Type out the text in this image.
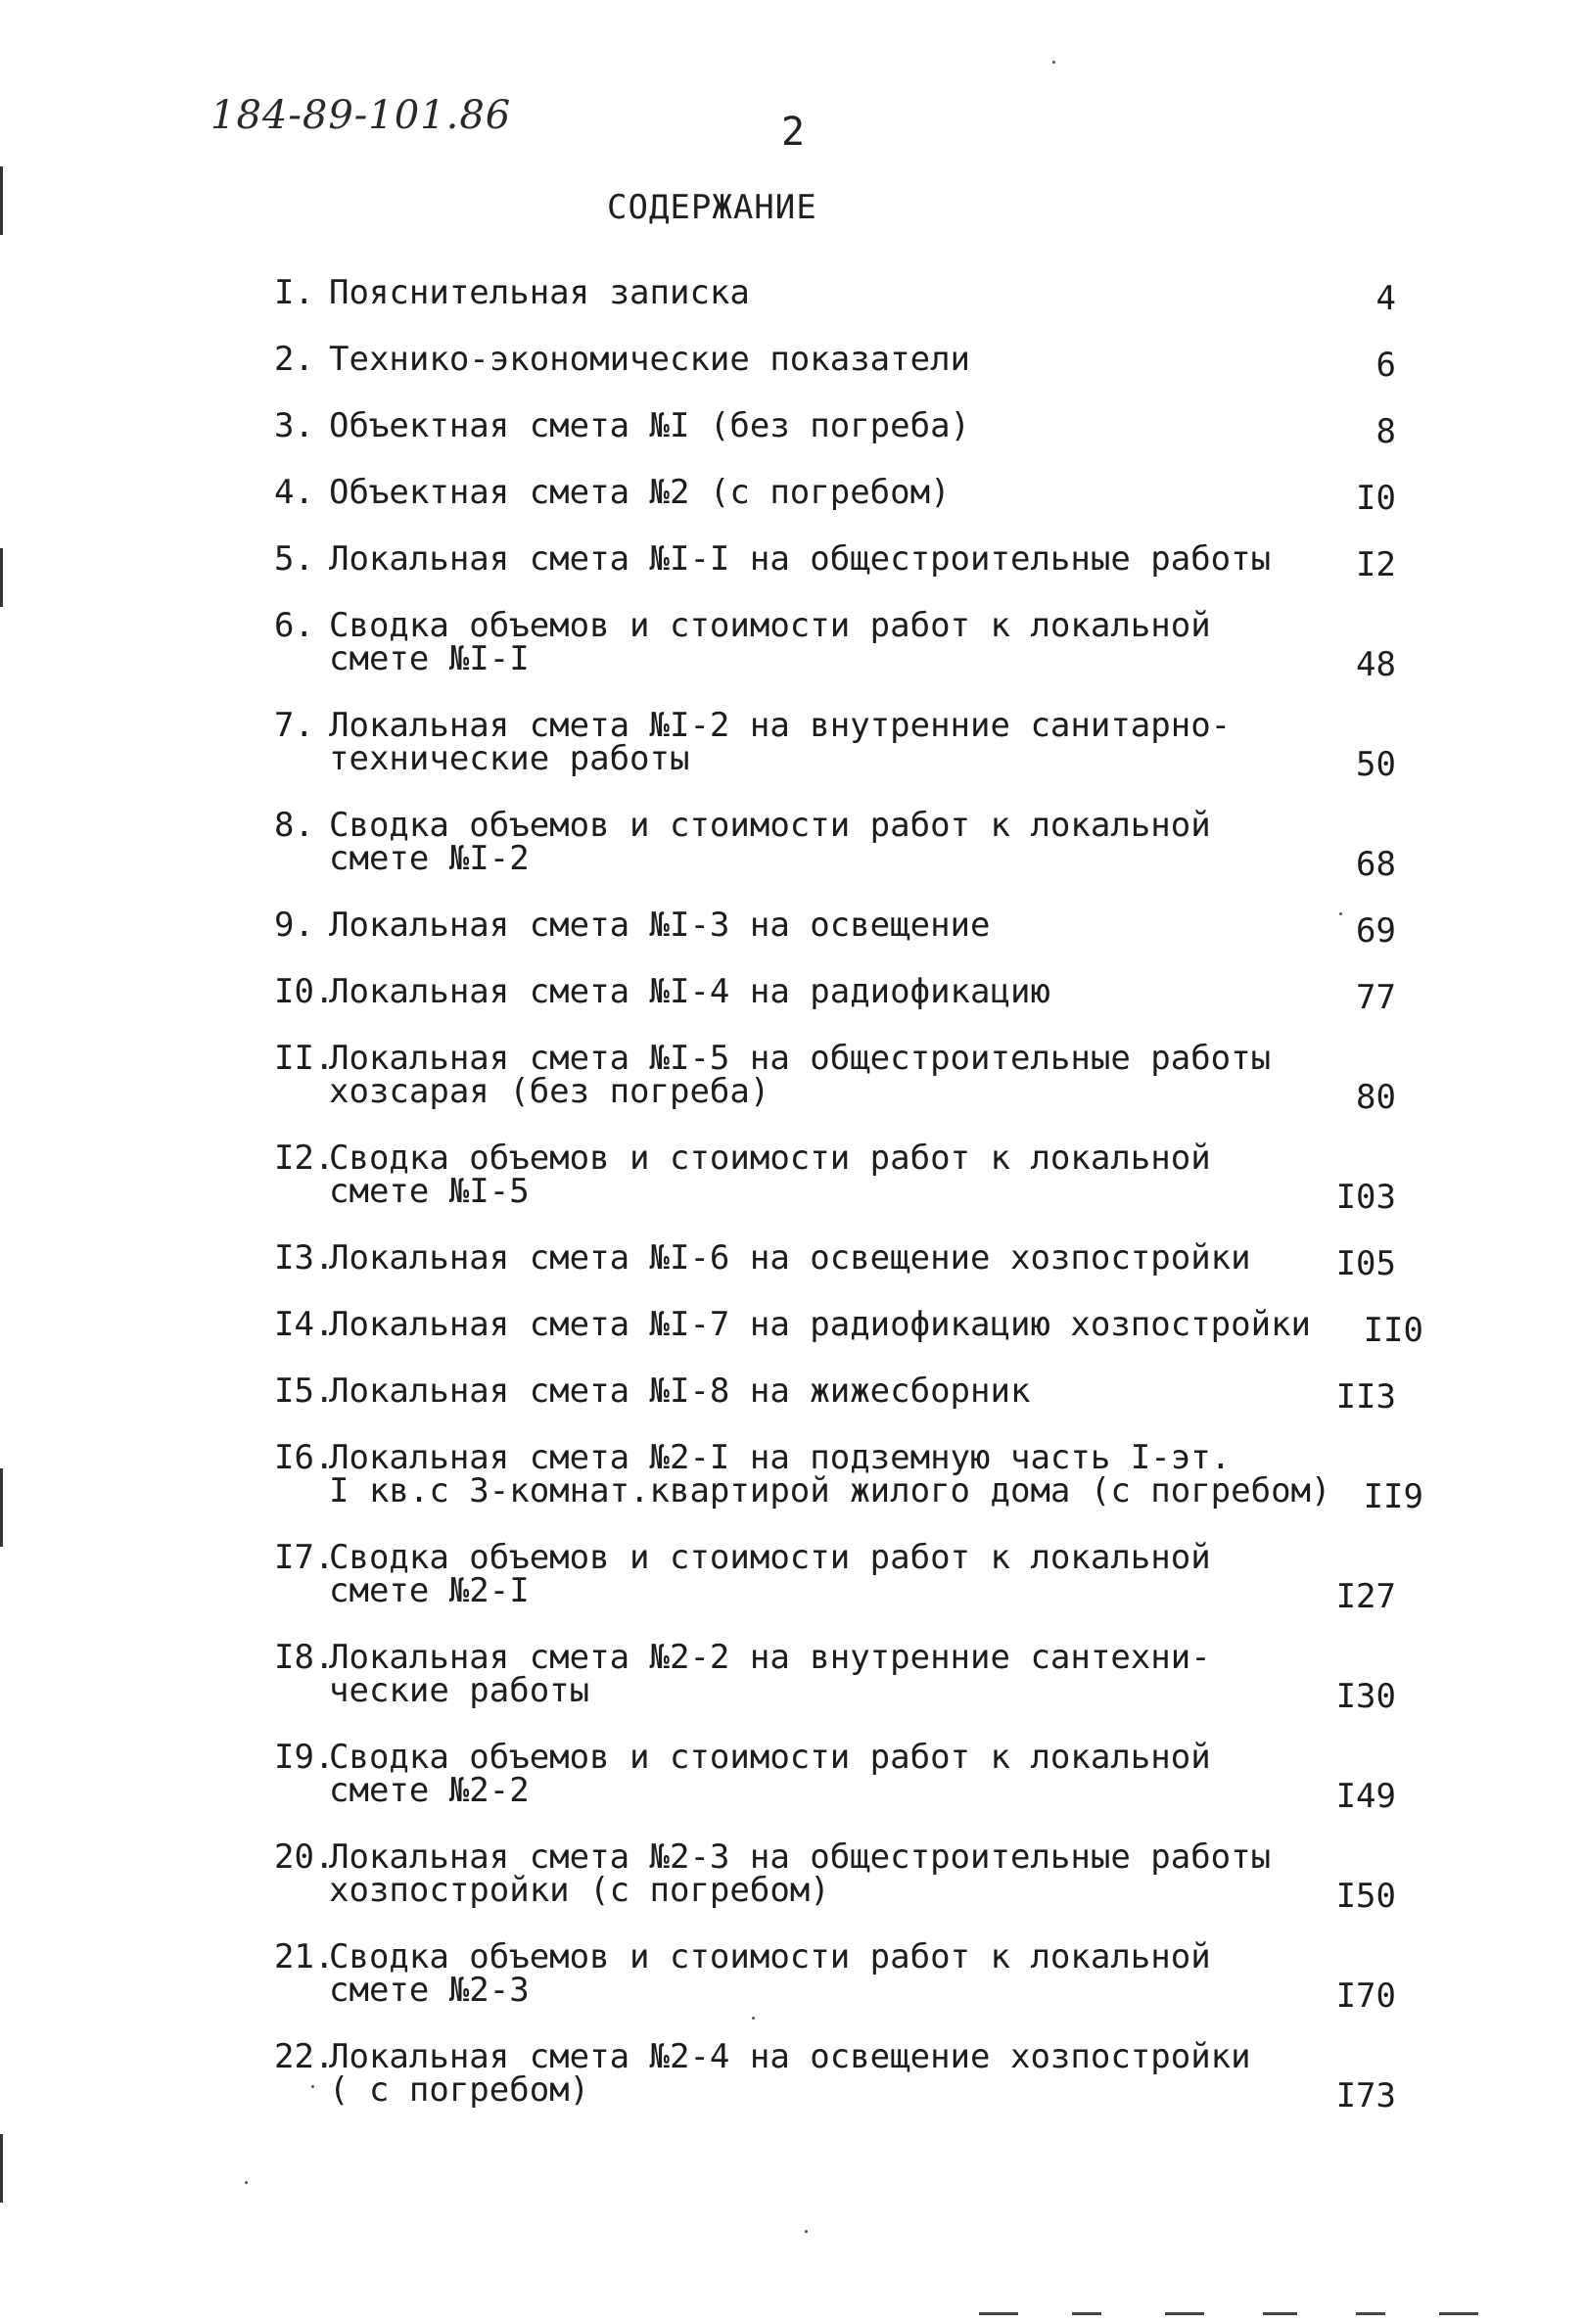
184-89-101.86	2
СОДЕРЖАНИЕ
I. Пояснительная записка	4
2. Технико-экономические показатели	6
3. Объектная смета №I (без погреба)	8
4. Объектная смета №2 (с погребом)	I0
5. Локальная смета №I-I на общестроительные работы	I2
6. Сводка объемов и стоимости работ к локальной
смете №I-I	48
7. Локальная смета №I-2 на внутренние санитарно-
технические работы	50
8. Сводка объемов и стоимости работ к локальной
смете №I-2	68
9. Локальная смета №I-3 на освещение	69
I0.Локальная смета №I-4 на радиофикацию	77
II.Локальная смета №I-5 на общестроительные работы
хозсарая (без погреба)	80
I2.Сводка объемов и стоимости работ к локальной
смете №I-5	I03
I3.Локальная смета №I-6 на освещение хозпостройки	I05
I4.Локальная смета №I-7 на радиофикацию хозпостройки II0
I5.Локальная смета №I-8 на жижесборник	II3
I6.Локальная смета №2-I на подземную часть I-эт.
I кв.с 3-комнат.квартирой жилого дома (с погребом) II9
I7.Сводка объемов и стоимости работ к локальной
смете №2-I	I27
I8.Локальная смета №2-2 на внутренние сантехни-
ческие работы	I30
I9.Сводка объемов и стоимости работ к локальной
смете №2-2	I49
20.Локальная смета №2-3 на общестроительные работы
хозпостройки (с погребом)	I50
21.Сводка объемов и стоимости работ к локальной
смете №2-3	I70
22.Локальная смета №2-4 на освещение хозпостройки
( с погребом)	I73
